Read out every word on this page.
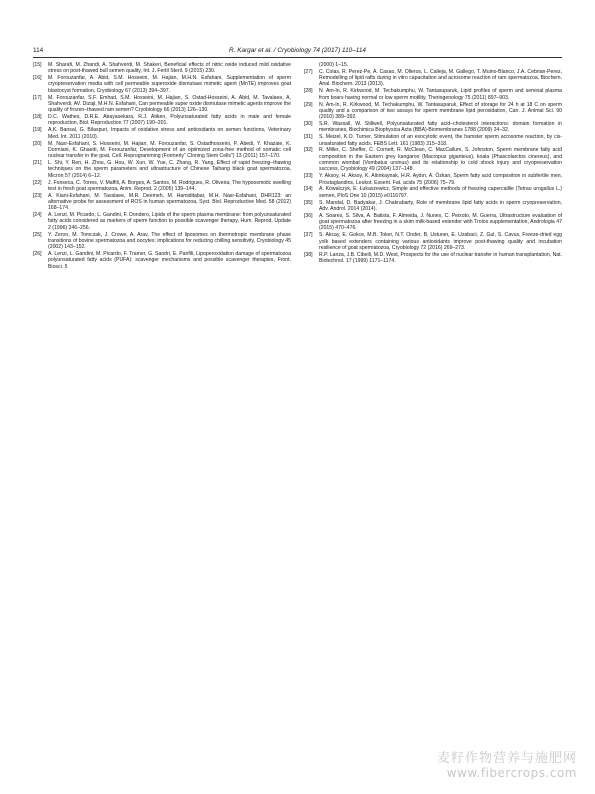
114	R. Kargar et al. / Cryobiology 74 (2017) 110–114
[15]	M. Sharafi, M. Zhandi, A. Shahverdi, M. Shakeri, Beneficial effects of nitric oxide induced mild oxidative stress on post-thawed bull semen quality, Int. J. Fertil Steril. 9 (2015) 230.
[16]	M. Forouzanfar, A. Abid, S.M. Hosseini, M. Hajian, M.H.N. Esfahani, Supplementation of sperm cryopreservation media with cell permeable superoxide dismutase mimetic agent (MnTE) improves goat blastocyst formation, Cryobiology 67 (2013) 394–397.
[17]	M. Forouzanfar, S.F. Emhad, S.M. Hosseini, M. Hajian, S. Ostad-Hosseini, A. Abid, M. Tavalaee, A. Shahverdi, AV. Dizaji, M.H.N. Esfahani, Can permeable super oxide dismutase mimetic agents improve the quality of frozen–thawed ram semen? Cryobiology 66 (2013) 126–130.
[18]	D.C. Wathes, D.R.E. Abayasekara, R.J. Aitken, Polyunsaturated fatty acids in male and female reproduction, Biol. Reproduction 77 (2007) 190–201.
[19]	A.K. Bansal, G. Bilaspuri, Impacts of oxidative stress and antioxidants on semen functions, Veterinary Med. Int. 2011 (2010).
[20]	M. Nasr-Esfahani, S. Hosseini, M. Hajian, M. Forouzanfar, S. Ostadhosseini, P. Abedi, Y. Khazaie, K. Dormiani, K. Ghaedi, M. Forouzanfar, Development of an optimized zona-free method of somatic cell nuclear transfer in the goat, Cell. Reprogramming (Formerly" Cloning Stem Cells") 13 (2011) 157–170.
[21]	L. Shi, Y. Ren, H. Zhou, G. Hou, W. Xun, W. Yue, C. Zhang, R. Yang, Effect of rapid freezing–thawing techniques on the sperm parameters and ultrastructure of Chinese Taihang black goat spermatozoa, Micron 57 (2014) 6–12.
[22]	J. Fonseca, C. Torres, V. Maffili, A. Borges, A. Santos, M. Rodrigues, R. Oliveira, The hypoosmotic swelling test in fresh goat spermatozoa, Anim. Reprod. 2 (2005) 139–144.
[23]	A. Kiani-Esfahani, M. Tavalaee, M.R. Deemeh, M. Hamiditabar, M.H. Nasr-Esfahani, DHR123: an alternative probe for assessment of ROS in human spermatozoa, Syst. Biol. Reproductive Med. 58 (2012) 168–174.
[24]	A. Lenzi, M. Picardo, L. Gandini, F. Dondero, Lipids of the sperm plasma membrane: from polyunsaturated fatty acids considered as markers of sperm function to possible scavenger therapy, Hum. Reprod. Update 2 (1996) 246–256.
[25]	Y. Zeron, M. Tomczak, J. Crowe, A. Arav, The effect of liposomes on thermotropic membrane phase transitions of bovine spermatozoa and oocytes: implications for reducing chilling sensitivity, Cryobiology 45 (2002) 143–152.
[26]	A. Lenzi, L. Gandini, M. Picardo, F. Tramer, G. Sandri, E. Panfili, Lipoperoxidation damage of spermatozoa polyunsaturated fatty acids (PUFA): scavenger mechanisms and possible scavenger therapies, Front. Biosci. 5
(2000) 1–15.
[27]	C. Colas, R. Perez-Pe, A. Casao, M. Olleros, L. Calleja, M. Gallego, T. Muino-Blanco, J.A. Cebrian-Perez, Remodelling of lipid rafts during in vitro capacitation and acrosome reaction of ram spermatozoa, Biochem. Anal. Biochem. 2013 (2013).
[28]	N. Am-In, R. Kirkwood, M. Techakumphu, W. Tantasuparuk, Lipid profiles of sperm and seminal plasma from boars having normal or low sperm motility, Theriogenology 75 (2011) 897–903.
[29]	N. Am-In, R. Kirkwood, M. Techakumphu, W. Tantasuparuk, Effect of storage for 24 h at 18 C on sperm quality and a comparison of two assays for sperm membrane lipid peroxidation, Can. J. Animal Sci. 90 (2010) 389–392.
[30]	S.R. Wassall, W. Stillwell, Polyunsaturated fatty acid–cholesterol interactions: domain formation in membranes, Biochimica Biophysica Acta (BBA)-Biomembranes 1788 (2009) 24–32.
[31]	S. Meizel, K.O. Turner, Stimulation of an exocytotic event, the hamster sperm acrosome reaction, by cis-unsaturated fatty acids, FEBS Lett. 161 (1983) 315–318.
[32]	R. Miller, C. Sheffer, C. Cornett, R. McClean, C. MacCallum, S. Johnston, Sperm membrane fatty acid composition in the Eastern grey kangaroo (Macropus giganteus), koala (Phascolarctos cinereus), and common wombat (Vombatus ursinus) and its relationship to cold shock injury and cryopreservation success, Cryobiology 49 (2004) 137–148.
[33]	Y. Aksoy, H. Aksoy, K. Altınkaynak, H.R. Aydın, A. Özkan, Sperm fatty acid composition in subfertile men, Prostaglandins, Leukot. Essent. Fat. acids 75 (2006) 75–79.
[34]	A. Kowalczyk, E. Łukaszewicz, Simple and effective methods of freezing capercaillie (Tetrao urogallus L.) semen, PloS One 10 (2015) e0116797.
[35]	S. Mandal, D. Badyakar, J. Chakrabarty, Role of membrane lipid fatty acids in sperm cryopreservation, Adv. Androl. 2014 (2014).
[36]	A. Soares, S. Silva, A. Batista, F. Almeida, J. Nunes, C. Peixoto, M. Guerra, Ultrastructure evaluation of goat spermatozoa after freezing in a skim milk-based extender with Trolox supplementation, Andrologia 47 (2015) 470–476.
[37]	S. Akcay, E. Gokce, M.B. Toker, N.T. Onder, B. Ustuner, E. Uzabaci, Z. Gul, S. Cavus, Freeze-dried egg yolk based extenders containing various antioxidants improve post-thawing quality and incubation resilience of goat spermatozoa, Cryobiology 72 (2016) 269–273.
[38]	R.P. Lanza, J.B. Cibelli, M.D. West, Prospects for the use of nuclear transfer in human transplantation, Nat. Biotechnol. 17 (1999) 1171–1174.
麦籽作物营养与施肥网
www.fibercrops.com
